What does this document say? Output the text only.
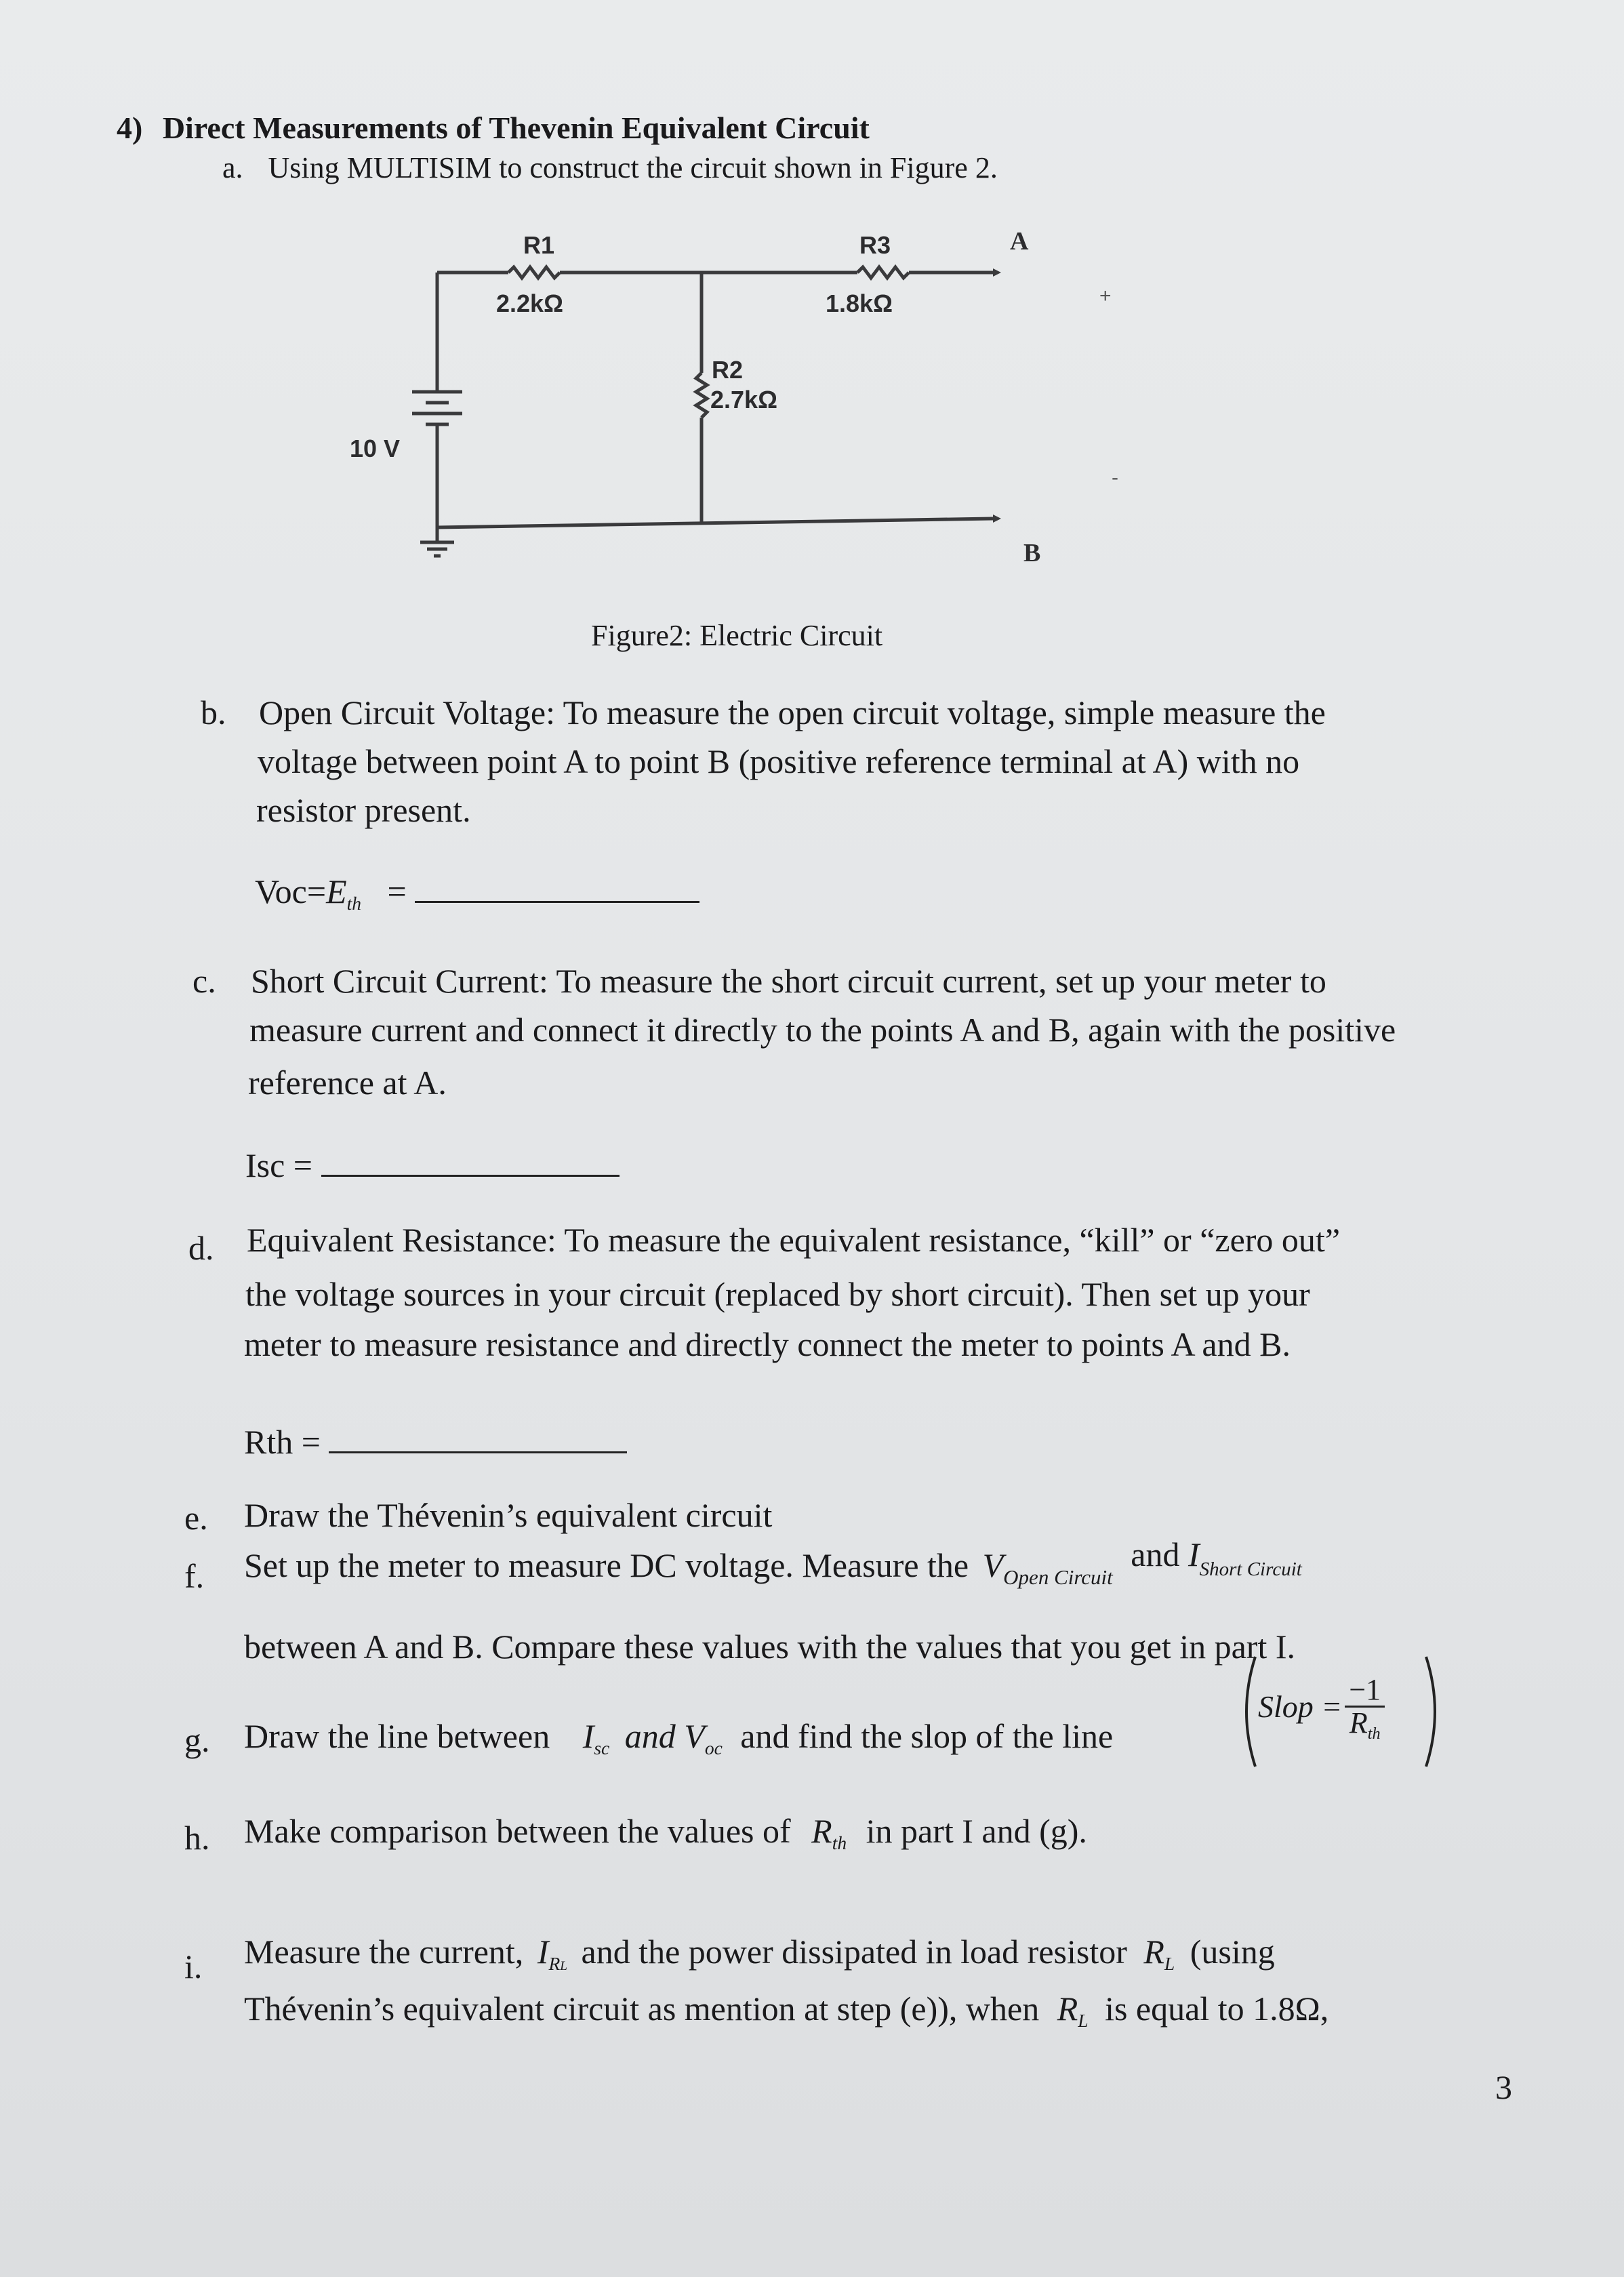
4) Direct Measurements of Thevenin Equivalent Circuit
a. Using MULTISIM to construct the circuit shown in Figure 2.
R1
2.2kΩ
R3
1.8kΩ
R2
2.7kΩ
10 V
A
B
+
-
Figure2: Electric Circuit
b. Open Circuit Voltage: To measure the open circuit voltage, simple measure the
voltage between point A to point B (positive reference terminal at A) with no
resistor present.
Voc=Eth =
c. Short Circuit Current: To measure the short circuit current, set up your meter to
measure current and connect it directly to the points A and B, again with the positive
reference at A.
Isc =
d. Equivalent Resistance: To measure the equivalent resistance, “kill” or “zero out”
the voltage sources in your circuit (replaced by short circuit). Then set up your
meter to measure resistance and directly connect the meter to points A and B.
Rth =
e. Draw the Thévenin’s equivalent circuit
f. Set up the meter to measure DC voltage. Measure the $V_{Open Circuit}$ and IShort Circuit
between A and B. Compare these values with the values that you get in part I.
g. Draw the line between Isc and Voc and find the slop of the line
Slop = $\frac{-1}{\text{Rth}}$
h. Make comparison between the values of Rth in part I and (g).
i. Measure the current, IRL and the power dissipated in load resistor RL (using
Thévenin’s equivalent circuit as mention at step (e)), when RL is equal to 1.8Ω,
3
